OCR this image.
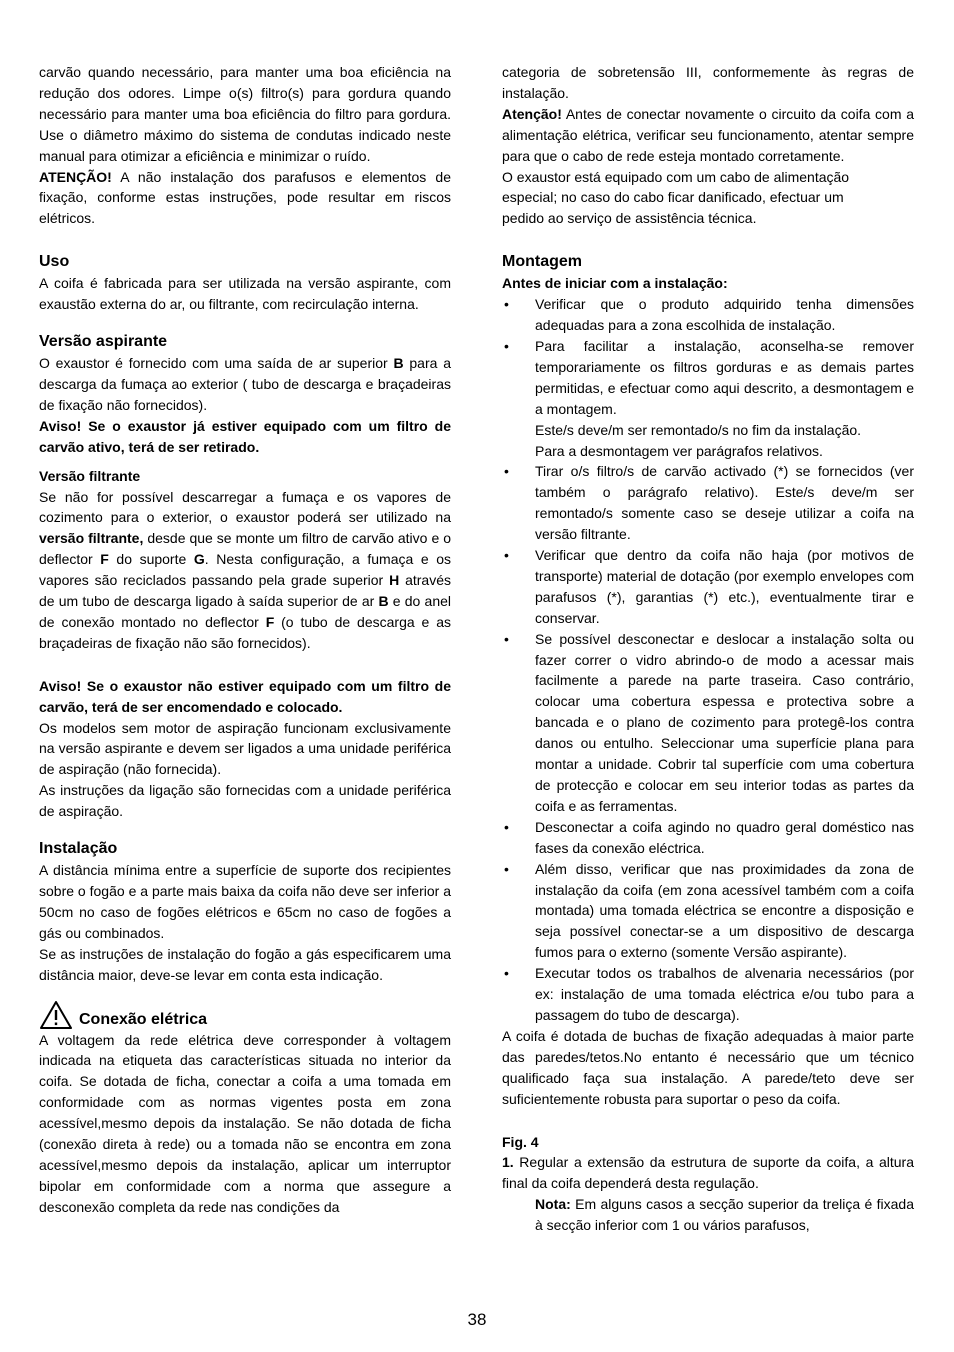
carvão quando necessário, para manter uma boa eficiência na redução dos odores. Limpe o(s) filtro(s) para gordura quando necessário para manter uma boa eficiência do filtro para gordura. Use o diâmetro máximo do sistema de condutas indicado neste manual para otimizar a eficiência e minimizar o ruído.

ATENÇÃO! A não instalação dos parafusos e elementos de fixação, conforme estas instruções, pode resultar em riscos elétricos.

Uso

A coifa é fabricada para ser utilizada na versão aspirante, com exaustão externa do ar, ou filtrante, com recirculação interna.

Versão aspirante

O exaustor é fornecido com uma saída de ar superior B para a descarga da fumaça ao exterior ( tubo de descarga e braçadeiras de fixação não fornecidos).

Aviso! Se o exaustor já estiver equipado com um filtro de carvão ativo, terá de ser retirado.

Versão filtrante

Se não for possível descarregar a fumaça e os vapores de cozimento para o exterior, o exaustor poderá ser utilizado na versão filtrante, desde que se monte um filtro de carvão ativo e o deflector F do suporte G. Nesta configuração, a fumaça e os vapores são reciclados passando pela grade superior H através de um tubo de descarga ligado à saída superior de ar B e do anel de conexão montado no deflector F (o tubo de descarga e as braçadeiras de fixação não são fornecidos).

Aviso! Se o exaustor não estiver equipado com um filtro de carvão, terá de ser encomendado e colocado.

Os modelos sem motor de aspiração funcionam exclusivamente na versão aspirante e devem ser ligados a uma unidade periférica de aspiração (não fornecida).

As instruções da ligação são fornecidas com a unidade periférica de aspiração.

Instalação

A distância mínima entre a superfície de suporte dos recipientes sobre o fogão e a parte mais baixa da coifa não deve ser inferior a 50cm no caso de fogões elétricos e 65cm no caso de fogões a gás ou combinados.

Se as instruções de instalação do fogão a gás especificarem uma distância maior, deve-se levar em conta esta indicação.

Conexão elétrica

A voltagem da rede elétrica deve corresponder à voltagem indicada na etiqueta das características situada no interior da coifa. Se dotada de ficha, conectar a coifa a uma tomada em conformidade com as normas vigentes posta em zona acessível,mesmo depois da instalação. Se não dotada de ficha (conexão direta à rede) ou a tomada não se encontra em zona acessível,mesmo depois da instalação, aplicar um interruptor bipolar em conformidade com a norma que assegure a desconexão completa da rede nas condições da

categoria de sobretensão III, conformemente às regras de instalação.

Atenção! Antes de conectar novamente o circuito da coifa com a alimentação elétrica, verificar seu funcionamento, atentar sempre para que o cabo de rede esteja montado corretamente.

O exaustor está equipado com um cabo de alimentação especial; no caso do cabo ficar danificado, efectuar um pedido ao serviço de assistência técnica.

Montagem
Antes de iniciar com a instalação:
• Verificar que o produto adquirido tenha dimensões adequadas para a zona escolhida de instalação.
• Para facilitar a instalação, aconselha-se remover temporariamente os filtros gorduras e as demais partes permitidas, e efectuar como aqui descrito, a desmontagem e a montagem.
Este/s deve/m ser remontado/s no fim da instalação.
Para a desmontagem ver parágrafos relativos.
• Tirar o/s filtro/s de carvão activado (*) se fornecidos (ver também o parágrafo relativo). Este/s deve/m ser remontado/s somente caso se deseje utilizar a coifa na versão filtrante.
• Verificar que dentro da coifa não haja (por motivos de transporte) material de dotação (por exemplo envelopes com parafusos (*), garantias (*) etc.), eventualmente tirar e conservar.
• Se possível desconectar e deslocar a instalação solta ou fazer correr o vidro abrindo-o de modo a acessar mais facilmente a parede na parte traseira. Caso contrário, colocar uma cobertura espessa e protectiva sobre a bancada e o plano de cozimento para protegê-los contra danos ou entulho. Seleccionar uma superfície plana para montar a unidade. Cobrir tal superfície com uma cobertura de protecção e colocar em seu interior todas as partes da coifa e as ferramentas.
• Desconectar a coifa agindo no quadro geral doméstico nas fases da conexão eléctrica.
• Além disso, verificar que nas proximidades da zona de instalação da coifa (em zona acessível também com a coifa montada) uma tomada eléctrica se encontre a disposição e seja possível conectar-se a um dispositivo de descarga fumos para o externo (somente Versão aspirante).
• Executar todos os trabalhos de alvenaria necessários (por ex: instalação de uma tomada eléctrica e/ou tubo para a passagem do tubo de descarga).

A coifa é dotada de buchas de fixação adequadas à maior parte das paredes/tetos.No entanto é necessário que um técnico qualificado faça sua instalação. A parede/teto deve ser suficientemente robusta para suportar o peso da coifa.

Fig. 4

1. Regular a extensão da estrutura de suporte da coifa, a altura final da coifa dependerá desta regulação.

Nota: Em alguns casos a secção superior da treliça é fixada à secção inferior com 1 ou vários parafusos,

38
